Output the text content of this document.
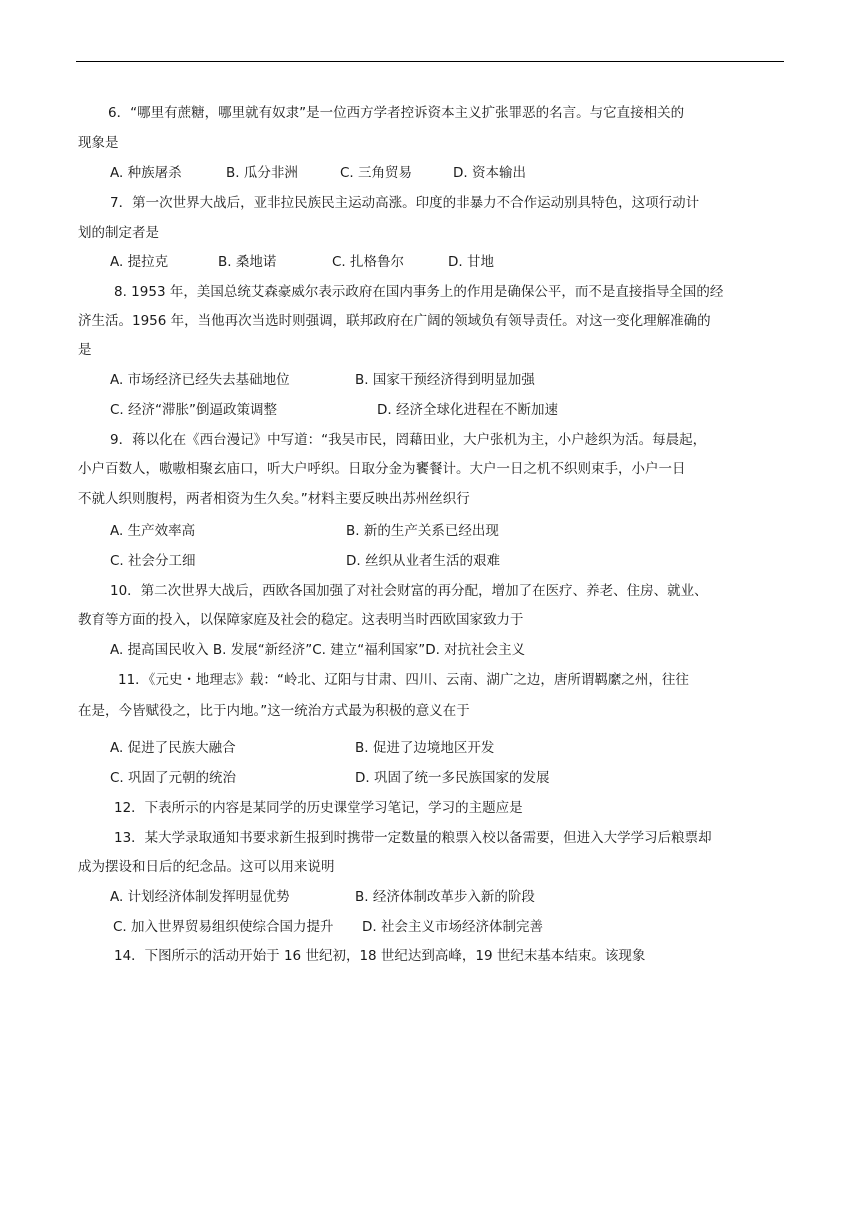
6．“哪里有蔗糖，哪里就有奴隶”是一位西方学者控诉资本主义扩张罪恶的名言。与它直接相关的
现象是
A. 种族屠杀	B. 瓜分非洲	C. 三角贸易	D. 资本输出
7．第一次世界大战后，亚非拉民族民主运动高涨。印度的非暴力不合作运动别具特色，这项行动计
划的制定者是
A. 提拉克	B. 桑地诺	C. 扎格鲁尔	D. 甘地
8. 1953 年，美国总统艾森豪威尔表示政府在国内事务上的作用是确保公平，而不是直接指导全国的经
济生活。1956 年，当他再次当选时则强调，联邦政府在广阔的领域负有领导责任。对这一变化理解准确的
是
A. 市场经济已经失去基础地位	B. 国家干预经济得到明显加强
C. 经济“滞胀”倒逼政策调整	D. 经济全球化进程在不断加速
9．蒋以化在《西台漫记》中写道：“我吴市民，罔藉田业，大户张机为主，小户趁织为活。每晨起，
小户百数人，嗷嗷相聚玄庙口，听大户呼织。日取分金为饔餐计。大户一日之机不织则束手，小户一日
不就人织则腹枵，两者相资为生久矣。”材料主要反映出苏州丝织行
A. 生产效率高	B. 新的生产关系已经出现
C. 社会分工细	D. 丝织从业者生活的艰难
10．第二次世界大战后，西欧各国加强了对社会财富的再分配，增加了在医疗、养老、住房、就业、
教育等方面的投入，以保障家庭及社会的稳定。这表明当时西欧国家致力于
A. 提高国民收入 B. 发展“新经济”C. 建立“福利国家”D. 对抗社会主义
11．《元史・地理志》载：“岭北、辽阳与甘肃、四川、云南、湖广之边，唐所谓羁縻之州，往往
在是，今皆赋役之，比于内地。”这一统治方式最为积极的意义在于
A. 促进了民族大融合	B. 促进了边境地区开发
C. 巩固了元朝的统治	D. 巩固了统一多民族国家的发展
12．下表所示的内容是某同学的历史课堂学习笔记，学习的主题应是
13．某大学录取通知书要求新生报到时携带一定数量的粮票入校以备需要，但进入大学学习后粮票却
成为摆设和日后的纪念品。这可以用来说明
A. 计划经济体制发挥明显优势	B. 经济体制改革步入新的阶段
C. 加入世界贸易组织使综合国力提升 D. 社会主义市场经济体制完善
14．下图所示的活动开始于 16 世纪初，18 世纪达到高峰，19 世纪末基本结束。该现象
